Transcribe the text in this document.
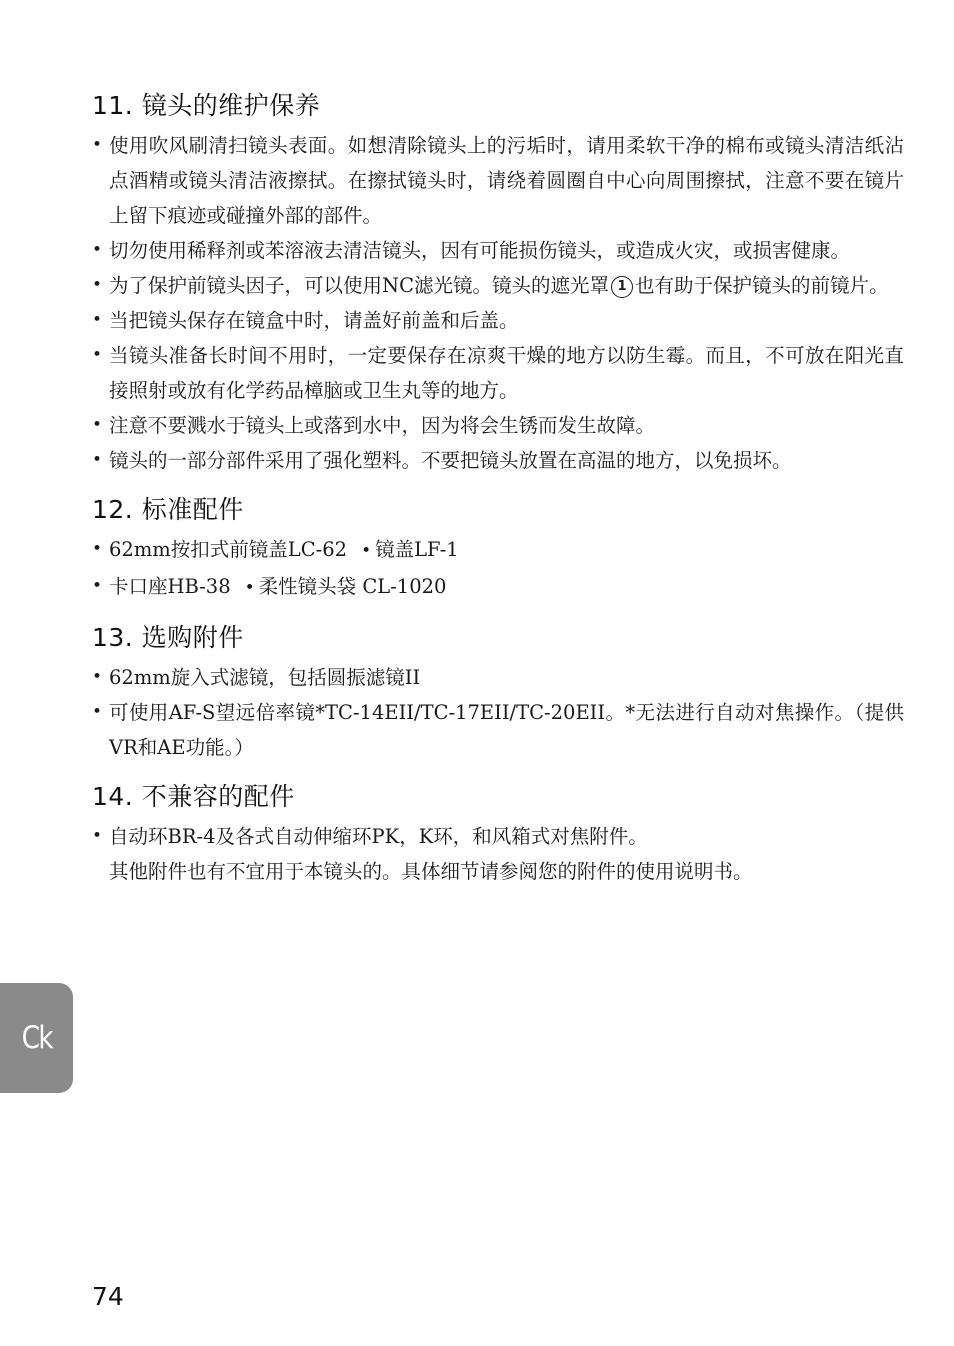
11. 镜头的维护保养
• 使用吹风刷清扫镜头表面。如想清除镜头上的污垢时，请用柔软干净的棉布或镜头清洁纸沾点酒精或镜头清洁液擦拭。在擦拭镜头时，请绕着圆圈自中心向周围擦拭，注意不要在镜片上留下痕迹或碰撞外部的部件。
• 切勿使用稀释剂或苯溶液去清洁镜头，因有可能损伤镜头，或造成火灾，或损害健康。
• 为了保护前镜头因子，可以使用NC滤光镜。镜头的遮光罩 1 也有助于保护镜头的前镜片。
• 当把镜头保存在镜盒中时，请盖好前盖和后盖。
• 当镜头准备长时间不用时，一定要保存在凉爽干燥的地方以防生霉。而且，不可放在阳光直接照射或放有化学药品樟脑或卫生丸等的地方。
• 注意不要溅水于镜头上或落到水中，因为将会生锈而发生故障。
• 镜头的一部分部件采用了强化塑料。不要把镜头放置在高温的地方，以免损坏。
12. 标准配件
• 62mm按扣式前镜盖LC-62 • 镜盖LF-1
• 卡口座HB-38 • 柔性镜头袋 CL-1020
13. 选购附件
• 62mm旋入式滤镜，包括圆振滤镜II
• 可使用AF-S望远倍率镜*TC-14EII/TC-17EII/TC-20EII。*无法进行自动对焦操作。（提供VR和AE功能。）
14. 不兼容的配件
• 自动环BR-4及各式自动伸缩环PK，K环，和风箱式对焦附件。
其他附件也有不宜用于本镜头的。具体细节请参阅您的附件的使用说明书。
Ck
74
